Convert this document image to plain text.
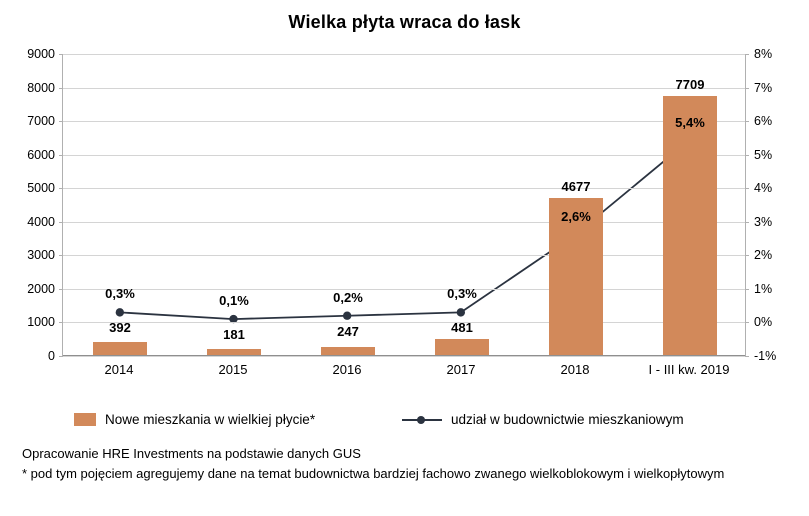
Wielka płyta wraca do łask
0
1000
2000
3000
4000
5000
6000
7000
8000
9000
-1%
0%
1%
2%
3%
4%
5%
6%
7%
8%
392	181	247	481
4677
7709
0,3%	0,1%	0,2%	0,3%
2,6%
5,4%
Nowe mieszkania w wielkiej płycie*	udział w budownictwie mieszkaniowym
Opracowanie HRE Investments na podstawie danych GUS
* pod tym pojęciem agregujemy dane na temat budownictwa bardziej fachowo zwanego wielkoblokowym i wielkopłytowym
2014	2015	2016	2017	2018	I - III kw. 2019
